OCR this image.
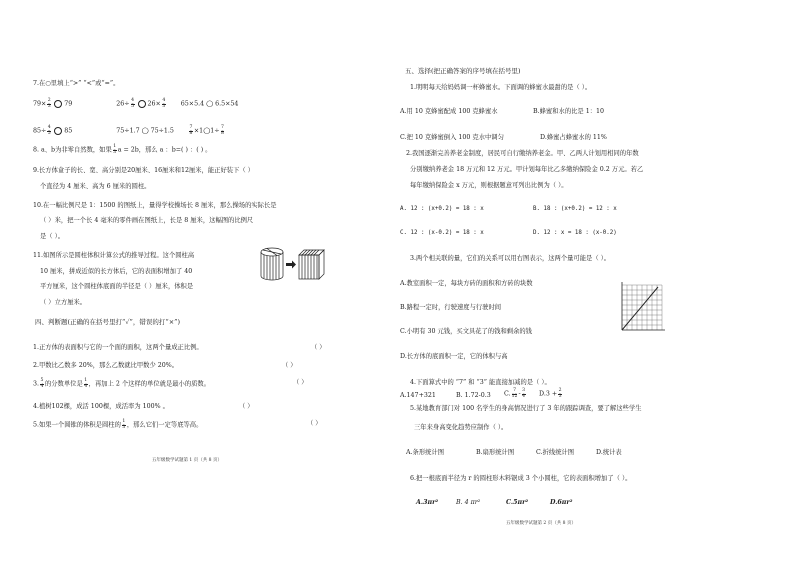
7.在○里填上“>” “<”或“=”。
$79\times \frac{2}{3} 79$	$26\div \frac{4}{5} 26\times \frac{4}{3} 65\times 5.4$ ◯ 6.5×54
$85\div \frac{4}{5} 85$	75÷1.7 ◯ 75÷1.5	$\frac{7}{8}$ ×1◯1÷ $\frac{7}{8}$
8. a、b为非零自然数，如果 $\frac{1}{3}$ a = 2b，那么 a ：b=( ) ：( ) 。
9.长方体盒子的长、宽、高分别是20厘米、16厘米和12厘米，能正好装下（ ）
个直径为 4 厘米、高为 6 厘米的圆柱。
10.在一幅比例尺是 1：1500 的图纸上，量得学校操场长 8 厘米，那么操场的实际长是
（ ）米，把一个长 4 毫米的零件画在图纸上，长是 8 厘米，这幅图的比例尺
是（ ）。
11.如图所示是圆柱体积计算公式的推导过程。这个圆柱高
10 厘米，拼成近似的长方体后，它的表面积增加了 40
平方厘米，这个圆柱体底面的半径是（ ）厘米，体积是
（ ）立方厘米。
四、判断题(正确的在括号里打“✓”，错误的打“×”)
1.正方体的表面积与它的一个面的面积，这两个量成正比例。	（ ）
2.甲数比乙数多 20%，那么乙数就比甲数少 20%。	（ ）
3. $\frac{5}{4}$ 的分数单位是 $\frac{1}{4}$ ，再加上 2 个这样的单位就是最小的质数。	（ ）
4.植树102棵，成活 100棵，成活率为 100% 。	（ ）
5.如果一个圆锥的体积是圆柱的 $\frac{1}{3}$ ，那么它们一定等底等高。	（ ）
五年级数学试题第 1 页（共 8 页）
五、选择(把正确答案的序号填在括号里)
1.明明每天给妈妈调一杯蜂蜜水。下面调的蜂蜜水最甜的是（ ）。
A.用 10 克蜂蜜配成 100 克蜂蜜水	B.蜂蜜和水的比是 1：10
C.把 10 克蜂蜜倒入 100 克水中调匀	D.蜂蜜占蜂蜜水的 11%
2.我国逐渐完善养老金制度，居民可自行缴纳养老金。甲、乙两人计划用相同的年数
分别缴纳养老金 18 万元和 12 万元。甲计划每年比乙多缴纳保险金 0.2 万元。若乙
每年缴纳保险金 x 万元，则根据题意可列出比例为（ ）。
A. 12 : (x+0.2) = 18 : x	B. 18 : (x+0.2) = 12 : x
C. 12 : (x-0.2) = 18 : x	D. 12 : x = 18 : (x-0.2)
3.两个相关联的量，它们的关系可以用右图表示，这两个量可能是（ ）。
A.教室面积一定，每块方砖的面积和方砖的块数
B.路程一定时，行驶速度与行驶时间
C.小明有 30 元钱，买文具花了的钱和剩余的钱
D.长方体的底面积一定，它的体积与高
4.下面算式中的 “7” 和 “3” 能直接加减的是（ ）。
A.147+321	B. 1.72-0.3 C. $\frac{7}{12} - \frac{3}{4} D.3 + \frac{2}{3}$
5.某地教育部门对 100 名学生的身高情况进行了 3 年的跟踪调查，要了解这些学生
三年来身高变化趋势应制作（ ）。
A.条形统计图	B.扇形统计图	C.折线统计图	D.统计表
6.把一根底面半径为 r 的圆柱形木料锯成 3 个小圆柱，它的表面积增加了（ ）。
A.3πr²	B. 4 πr²	C.5πr²	D.6πr²
五年级数学试题第 2 页（共 8 页）
